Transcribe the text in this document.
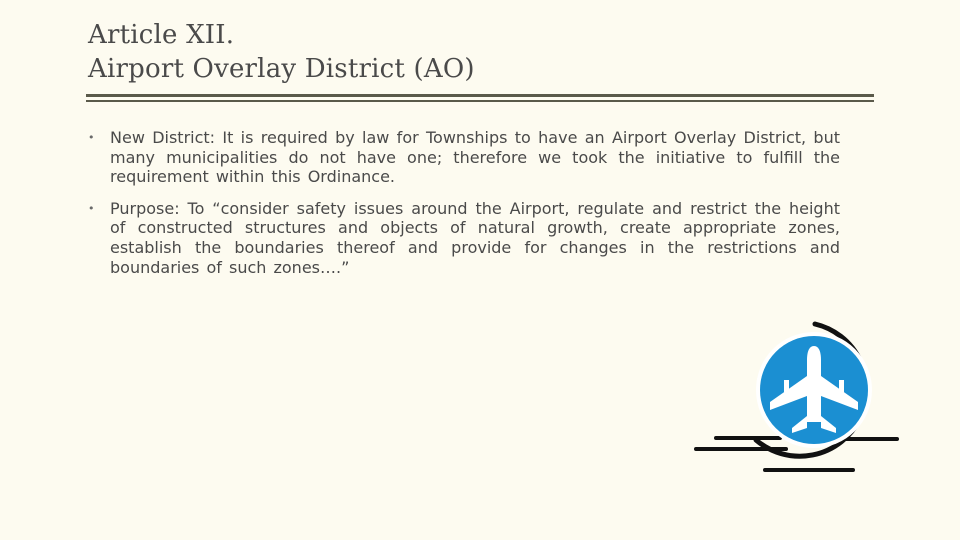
Article XII.
Airport Overlay District (AO)
• New District: It is required by law for Townships to have an Airport Overlay District, but many municipalities do not have one; therefore we took the initiative to fulfill the requirement within this Ordinance.
• Purpose: To “consider safety issues around the Airport, regulate and restrict the height of constructed structures and objects of natural growth, create appropriate zones, establish the boundaries thereof and provide for changes in the restrictions and boundaries of such zones….”
